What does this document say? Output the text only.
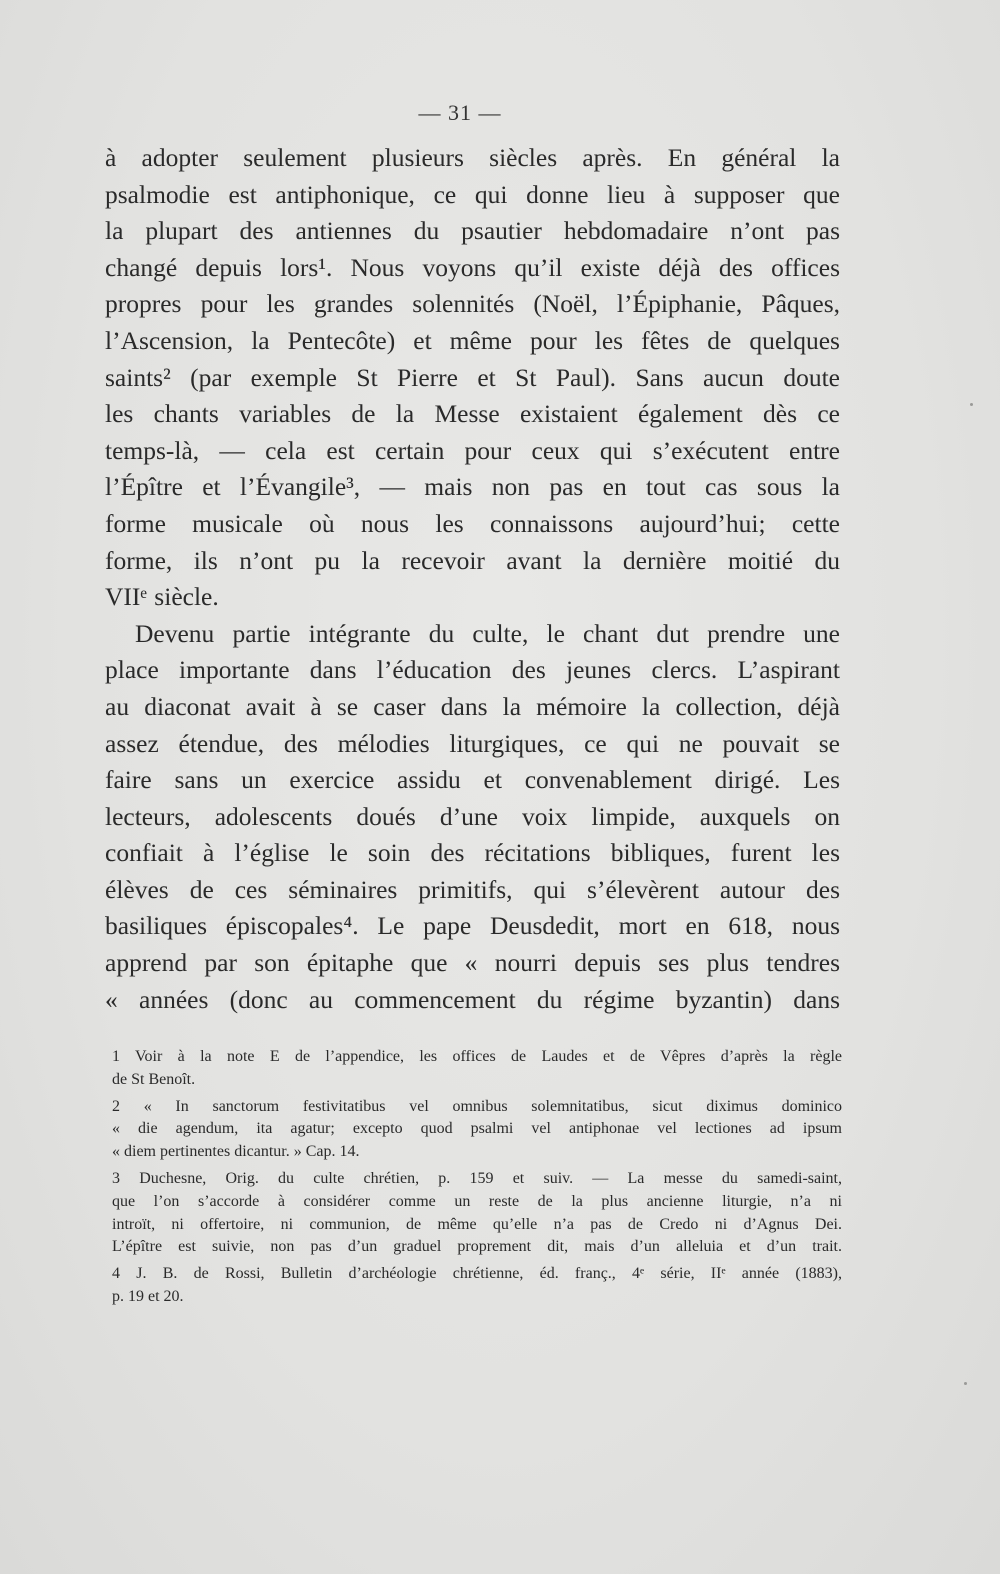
— 31 —
à adopter seulement plusieurs siècles après. En général la
psalmodie est antiphonique, ce qui donne lieu à supposer que
la plupart des antiennes du psautier hebdomadaire n’ont pas
changé depuis lors¹. Nous voyons qu’il existe déjà des offices
propres pour les grandes solennités (Noël, l’Épiphanie, Pâques,
l’Ascension, la Pentecôte) et même pour les fêtes de quelques
saints² (par exemple St Pierre et St Paul). Sans aucun doute
les chants variables de la Messe existaient également dès ce
temps-là, — cela est certain pour ceux qui s’exécutent entre
l’Épître et l’Évangile³, — mais non pas en tout cas sous la
forme musicale où nous les connaissons aujourd’hui; cette
forme, ils n’ont pu la recevoir avant la dernière moitié du
VIIᵉ siècle.
Devenu partie intégrante du culte, le chant dut prendre une
place importante dans l’éducation des jeunes clercs. L’aspirant
au diaconat avait à se caser dans la mémoire la collection, déjà
assez étendue, des mélodies liturgiques, ce qui ne pouvait se
faire sans un exercice assidu et convenablement dirigé. Les
lecteurs, adolescents doués d’une voix limpide, auxquels on
confiait à l’église le soin des récitations bibliques, furent les
élèves de ces séminaires primitifs, qui s’élevèrent autour des
basiliques épiscopales⁴. Le pape Deusdedit, mort en 618, nous
apprend par son épitaphe que « nourri depuis ses plus tendres
« années (donc au commencement du régime byzantin) dans
1 Voir à la note E de l’appendice, les offices de Laudes et de Vêpres d’après la règle
de St Benoît.
2 « In sanctorum festivitatibus vel omnibus solemnitatibus, sicut diximus dominico
« die agendum, ita agatur; excepto quod psalmi vel antiphonae vel lectiones ad ipsum
« diem pertinentes dicantur. » Cap. 14.
3 Duchesne, Orig. du culte chrétien, p. 159 et suiv. — La messe du samedi-saint,
que l’on s’accorde à considérer comme un reste de la plus ancienne liturgie, n’a ni
introït, ni offertoire, ni communion, de même qu’elle n’a pas de Credo ni d’Agnus Dei.
L’épître est suivie, non pas d’un graduel proprement dit, mais d’un alleluia et d’un trait.
4 J. B. de Rossi, Bulletin d’archéologie chrétienne, éd. franç., 4ᵉ série, IIᵉ année (1883),
p. 19 et 20.
